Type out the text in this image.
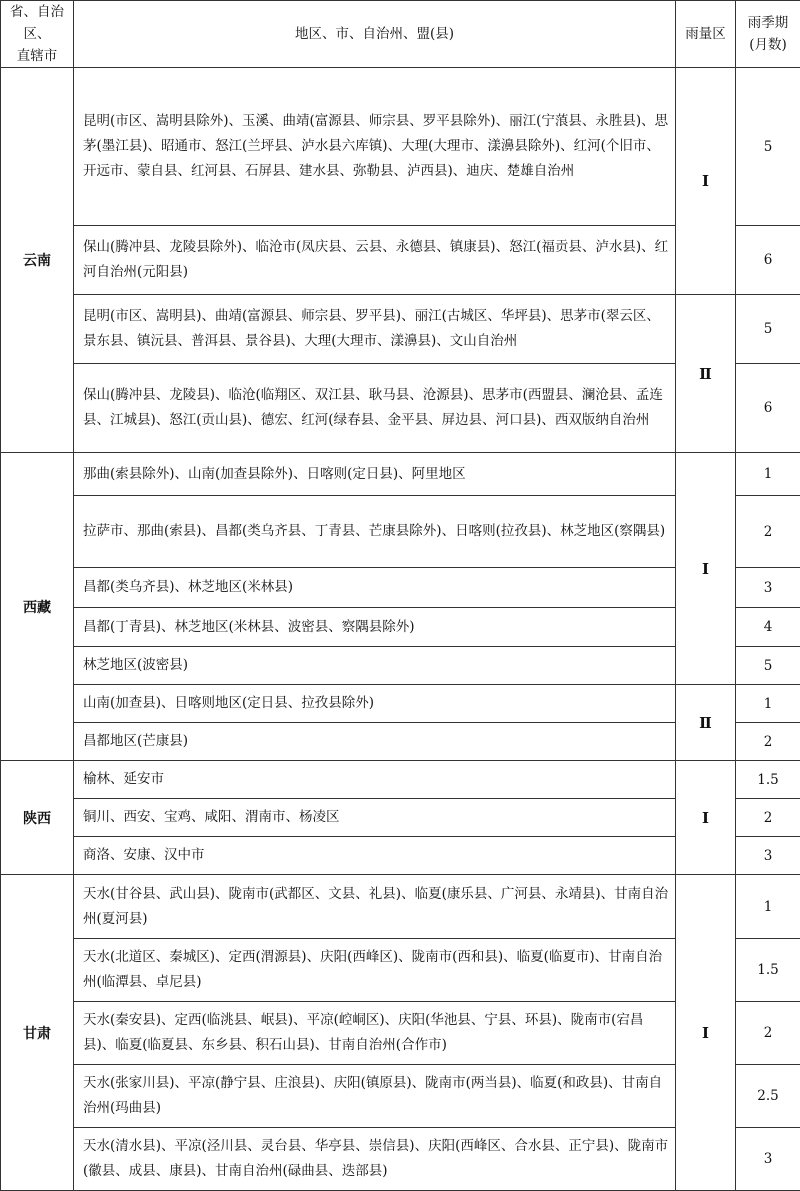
省、自治区、
直辖市	地区、市、自治州、盟(县)	雨量区	雨季期
(月数)
云南	昆明(市区、嵩明县除外)、玉溪、曲靖(富源县、师宗县、罗平县除外)、丽江(宁蒗县、永胜县)、思茅(墨江县)、昭通市、怒江(兰坪县、泸水县六库镇)、大理(大理市、漾濞县除外)、红河(个旧市、开远市、蒙自县、红河县、石屏县、建水县、弥勒县、泸西县)、迪庆、楚雄自治州	Ⅰ	5
	保山(腾冲县、龙陵县除外)、临沧市(凤庆县、云县、永德县、镇康县)、怒江(福贡县、泸水县)、红河自治州(元阳县)		6
	昆明(市区、嵩明县)、曲靖(富源县、师宗县、罗平县)、丽江(古城区、华坪县)、思茅市(翠云区、景东县、镇沅县、普洱县、景谷县)、大理(大理市、漾濞县)、文山自治州	Ⅱ	5
	保山(腾冲县、龙陵县)、临沧(临翔区、双江县、耿马县、沧源县)、思茅市(西盟县、澜沧县、孟连县、江城县)、怒江(贡山县)、德宏、红河(绿春县、金平县、屏边县、河口县)、西双版纳自治州		6
西藏	那曲(索县除外)、山南(加查县除外)、日喀则(定日县)、阿里地区	Ⅰ	1
	拉萨市、那曲(索县)、昌都(类乌齐县、丁青县、芒康县除外)、日喀则(拉孜县)、林芝地区(察隅县)		2
	昌都(类乌齐县)、林芝地区(米林县)		3
	昌都(丁青县)、林芝地区(米林县、波密县、察隅县除外)		4
	林芝地区(波密县)		5
	山南(加查县)、日喀则地区(定日县、拉孜县除外)	Ⅱ	1
	昌都地区(芒康县)		2
陕西	榆林、延安市	Ⅰ	1.5
	铜川、西安、宝鸡、咸阳、渭南市、杨凌区		2
	商洛、安康、汉中市		3
甘肃	天水(甘谷县、武山县)、陇南市(武都区、文县、礼县)、临夏(康乐县、广河县、永靖县)、甘南自治州(夏河县)	Ⅰ	1
	天水(北道区、秦城区)、定西(渭源县)、庆阳(西峰区)、陇南市(西和县)、临夏(临夏市)、甘南自治州(临潭县、卓尼县)		1.5
	天水(秦安县)、定西(临洮县、岷县)、平凉(崆峒区)、庆阳(华池县、宁县、环县)、陇南市(宕昌县)、临夏(临夏县、东乡县、积石山县)、甘南自治州(合作市)		2
	天水(张家川县)、平凉(静宁县、庄浪县)、庆阳(镇原县)、陇南市(两当县)、临夏(和政县)、甘南自治州(玛曲县)		2.5
	天水(清水县)、平凉(泾川县、灵台县、华亭县、崇信县)、庆阳(西峰区、合水县、正宁县)、陇南市(徽县、成县、康县)、甘南自治州(碌曲县、迭部县)		3
